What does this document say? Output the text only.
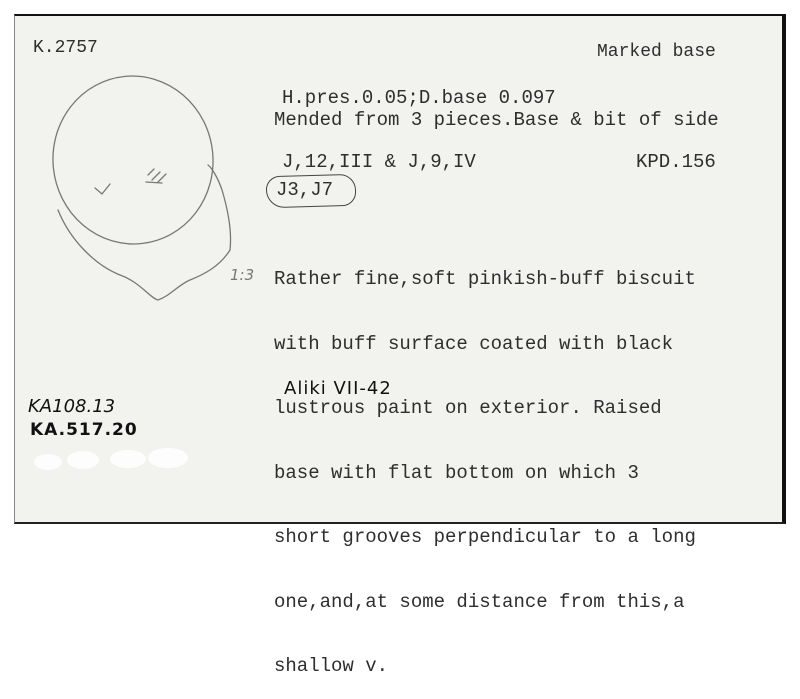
K.2757	Marked base
H.pres.0.05;D.base 0.097
Mended from 3 pieces.Base & bit of side
J,12,III & J,9,IV	KPD.156
J3,J7

Rather fine,soft pinkish-buff biscuit

with buff surface coated with black

lustrous paint on exterior. Raised

base with flat bottom on which 3

short grooves perpendicular to a long

one,and,at some distance from this,a

shallow v.

1:3
Aliki VII-42
KA108.13
KA.517.20
